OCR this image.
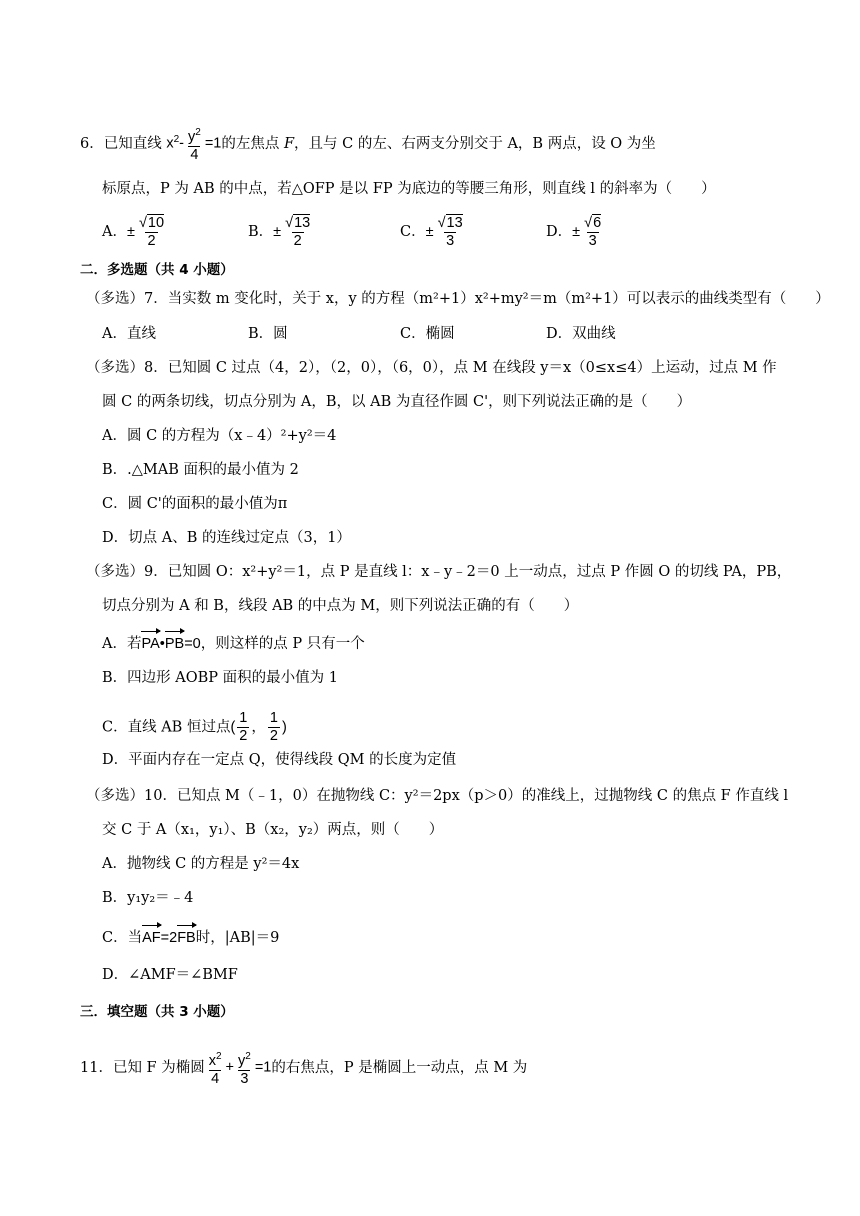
6．已知直线 $x^2- \frac{y^2}{4} =1$的左焦点 F，且与 C 的左、右两支分别交于 A，B 两点，设 O 为坐
标原点，P 为 AB 的中点，若△OFP 是以 FP 为底边的等腰三角形，则直线 l 的斜率为（　　）
A．± $\frac{√10}{2}$	B．± $\frac{√13}{2}$	C．± $\frac{√13}{3}$	D．± $\frac{√6}{3}$
二．多选题（共 4 小题）
（多选）7．当实数 m 变化时，关于 x，y 的方程（m²+1）x²+my²＝m（m²+1）可以表示的曲线类型有（　　）
A．直线	B．圆	C．椭圆	D．双曲线
（多选）8．已知圆 C 过点（4，2），（2，0），（6，0），点 M 在线段 y＝x（0≤x≤4）上运动，过点 M 作
圆 C 的两条切线，切点分别为 A，B，以 AB 为直径作圆 C'，则下列说法正确的是（　　）
A．圆 C 的方程为（x﹣4）²+y²＝4
B．.△MAB 面积的最小值为 2
C．圆 C'的面积的最小值为π
D．切点 A、B 的连线过定点（3，1）
（多选）9．已知圆 O：x²+y²＝1，点 P 是直线 l：x﹣y﹣2＝0 上一动点，过点 P 作圆 O 的切线 PA，PB，
切点分别为 A 和 B，线段 AB 的中点为 M，则下列说法正确的有（　　）
A．若PA•PB=0，则这样的点 P 只有一个
B．四边形 AOBP 面积的最小值为 1
C．直线 AB 恒过点( $\frac{1}{2}$ ， $\frac{1}{2}$ )
D．平面内存在一定点 Q，使得线段 QM 的长度为定值
（多选）10．已知点 M（﹣1，0）在抛物线 C：y²＝2px（p＞0）的准线上，过抛物线 C 的焦点 F 作直线 l
交 C 于 A（x₁，y₁）、B（x₂，y₂）两点，则（　　）
A．抛物线 C 的方程是 y²＝4x
B．y₁y₂＝﹣4
C．当AF=2FB时，|AB|＝9
D．∠AMF＝∠BMF
三．填空题（共 3 小题）
11．已知 F 为椭圆 $\frac{x^2}{4} + \frac{y^2}{3} =1$的右焦点，P 是椭圆上一动点，点 M 为
